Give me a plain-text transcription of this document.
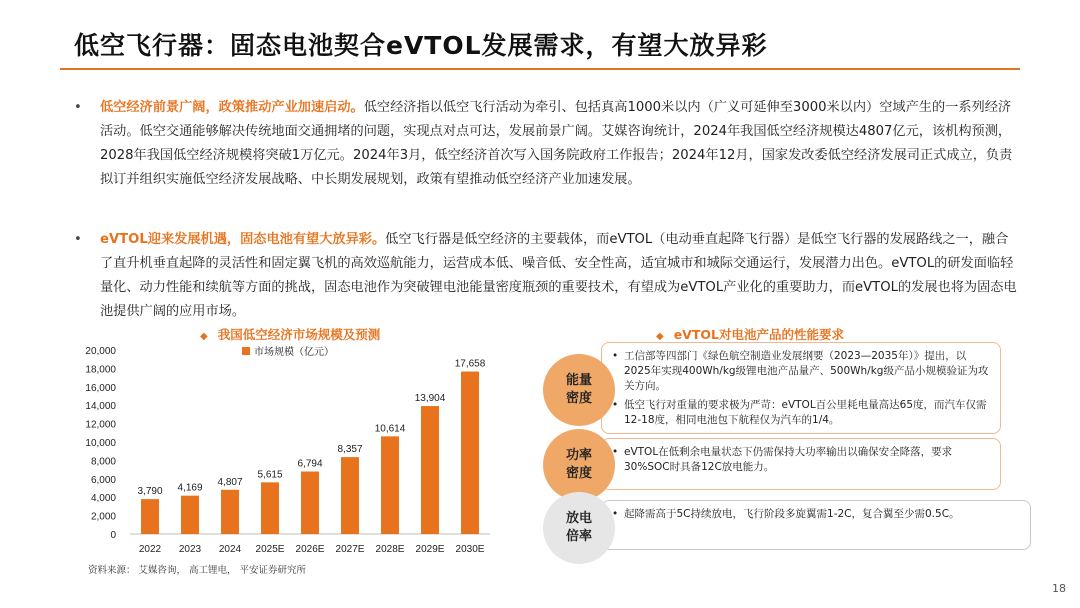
低空飞行器：固态电池契合eVTOL发展需求，有望大放异彩
• 低空经济前景广阔，政策推动产业加速启动。低空经济指以低空飞行活动为牵引、包括真高1000米以内（广义可延伸至3000米以内）空域产生的一系列经济活动。低空交通能够解决传统地面交通拥堵的问题，实现点对点可达，发展前景广阔。艾媒咨询统计，2024年我国低空经济规模达4807亿元，该机构预测，2028年我国低空经济规模将突破1万亿元。2024年3月，低空经济首次写入国务院政府工作报告；2024年12月，国家发改委低空经济发展司正式成立，负责拟订并组织实施低空经济发展战略、中长期发展规划，政策有望推动低空经济产业加速发展。
• eVTOL迎来发展机遇，固态电池有望大放异彩。低空飞行器是低空经济的主要载体，而eVTOL（电动垂直起降飞行器）是低空飞行器的发展路线之一，融合了直升机垂直起降的灵活性和固定翼飞机的高效巡航能力，运营成本低、噪音低、安全性高，适宜城市和城际交通运行，发展潜力出色。eVTOL的研发面临轻量化、动力性能和续航等方面的挑战，固态电池作为突破锂电池能量密度瓶颈的重要技术，有望成为eVTOL产业化的重要助力，而eVTOL的发展也将为固态电池提供广阔的应用市场。
◆ 我国低空经济市场规模及预测	◆ eVTOL对电池产品的性能要求
0
2,000
4,000
6,000
8,000
10,000
12,000
14,000
16,000
18,000
20,000
3,790
2022
4,169
2023
4,807
2024
5,615
2025E
6,794
2026E
8,357
2027E
10,614
2028E
13,904
2029E
17,658
2030E
市场规模（亿元）
•	工信部等四部门《绿色航空制造业发展纲要（2023—2035年）》提出，以2025年实现400Wh/kg级锂电池产品量产、500Wh/kg级产品小规模验证为攻关方向。
• 低空飞行对重量的要求极为严苛：eVTOL百公里耗电量高达65度，而汽车仅需12-18度，相同电池包下航程仅为汽车的1/4。
能量
密度
• eVTOL在低剩余电量状态下仍需保持大功率输出以确保安全降落，要求30%SOC时具备12C放电能力。
功率
密度
• 起降需高于5C持续放电，飞行阶段多旋翼需1-2C，复合翼至少需0.5C。
放电
倍率
资料来源： 艾媒咨询， 高工锂电， 平安证券研究所
18
